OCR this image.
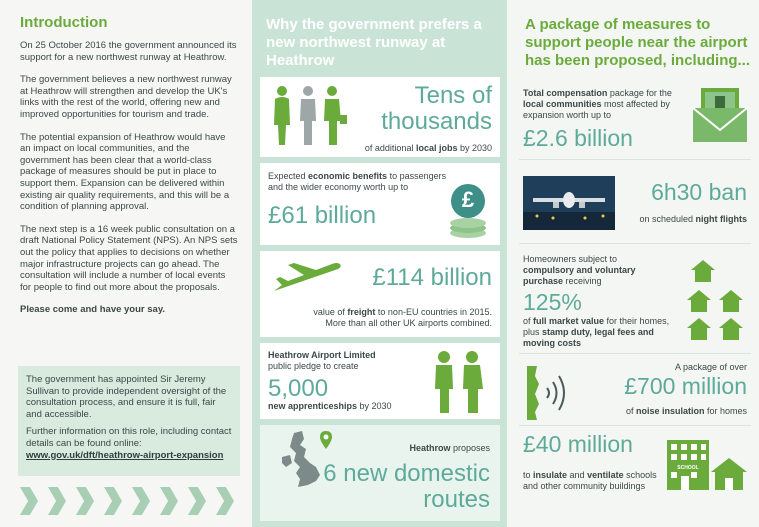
Introduction

On 25 October 2016 the government announced its support for a new northwest runway at Heathrow.

The government believes a new northwest runway at Heathrow will strengthen and develop the UK's links with the rest of the world, offering new and improved opportunities for tourism and trade.

The potential expansion of Heathrow would have an impact on local communities, and the government has been clear that a world-class package of measures should be put in place to support them. Expansion can be delivered within existing air quality requirements, and this will be a condition of planning approval.

The next step is a 16 week public consultation on a draft National Policy Statement (NPS). An NPS sets out the policy that applies to decisions on whether major infrastructure projects can go ahead. The consultation will include a number of local events for people to find out more about the proposals.

Please come and have your say.

The government has appointed Sir Jeremy Sullivan to provide independent oversight of the consultation process, and ensure it is full, fair and accessible.

Further information on this role, including contact details can be found online:

www.gov.uk/dft/heathrow-airport-expansion
Why the government prefers a new northwest runway at Heathrow
Tens of thousands
of additional local jobs by 2030
Expected economic benefits to passengers and the wider economy worth up to
£61 billion
£
£114 billion
value of freight to non-EU countries in 2015. More than all other UK airports combined.
Heathrow Airport Limited
public pledge to create
5,000
new apprenticeships by 2030
Heathrow proposes
6 new domestic routes
A package of measures to support people near the airport has been proposed, including...
Total compensation package for the local communities most affected by expansion worth up to
£2.6 billion
6h30 ban
on scheduled night flights
Homeowners subject to compulsory and voluntary purchase receiving
125%
of full market value for their homes, plus stamp duty, legal fees and moving costs
A package of over
£700 million
of noise insulation for homes
£40 million
to insulate and ventilate schools and other community buildings
SCHOOL
